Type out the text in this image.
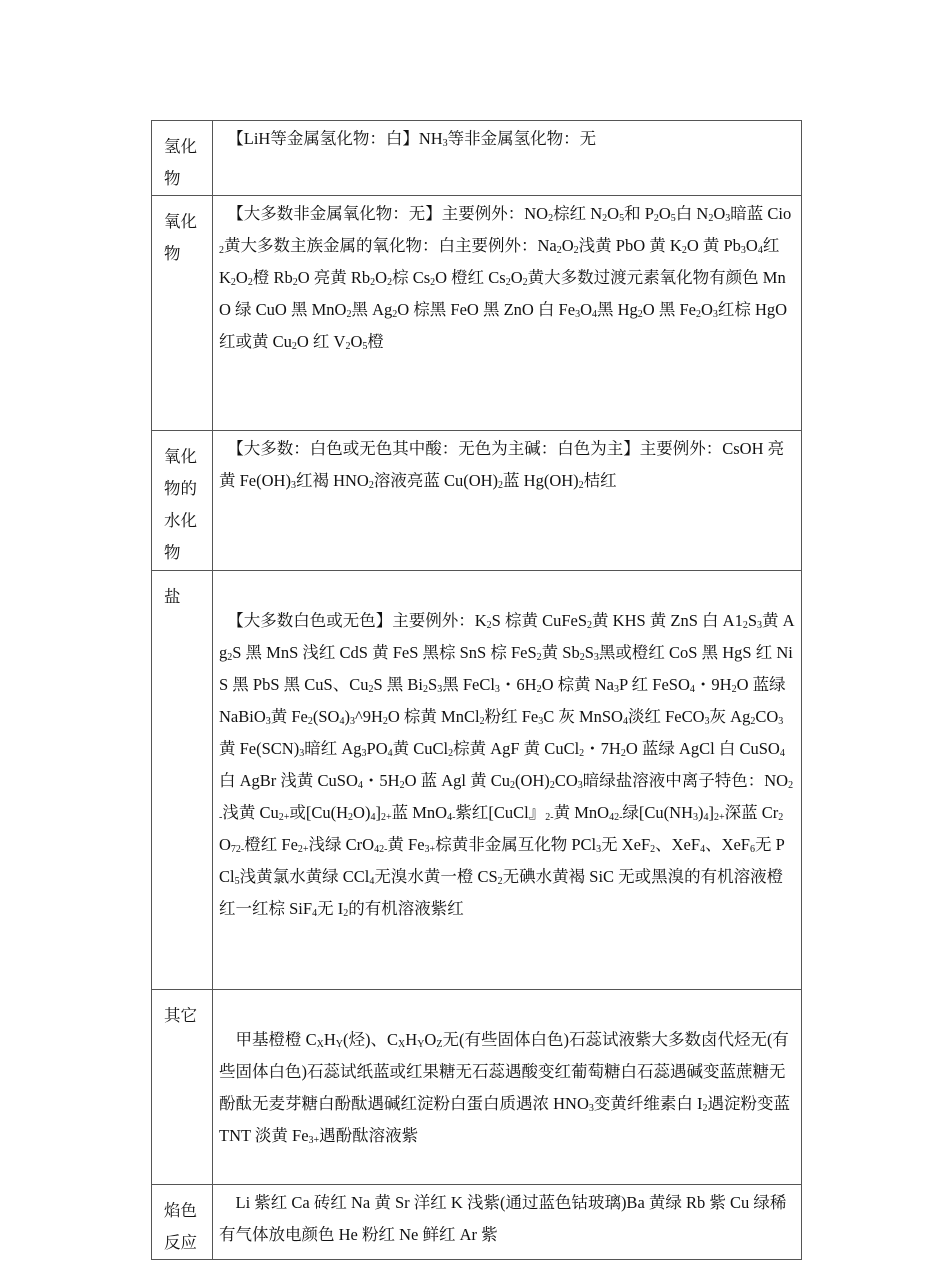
氢化物	　【LiH等金属氢化物：白】$NH_3$等非金属氢化物：无
氧化物	　【大多数非金属氧化物：无】主要例外：$NO_2$棕红 $N_2O_5$和 $P_2O_5$白 $N_2O_3$暗蓝 Cio$_2$黄大多数主族金属的氧化物：白主要例外：$Na_2O_2$浅黄 PbO 黄 $K_2O$ 黄 $Pb_3O_4$红 $K_2O_2$橙 $Rb_2O$ 亮黄 $Rb_2O_2$棕 $Cs_2O$ 橙红 $Cs_2O_2$黄大多数过渡元素氧化物有颜色 MnO 绿 CuO 黑 MnO$_2$黑 $Ag_2O$ 棕黑 FeO 黑 ZnO 白 $Fe_3O_4$黑 $Hg_2O$ 黑 $Fe_2O_3$红棕 HgO 红或黄 $Cu_2O$ 红 $V_2O_5$橙
氧化物的水化物	　【大多数：白色或无色其中酸：无色为主碱：白色为主】主要例外：CsOH 亮黄 $Fe(OH)_3$红褐 $HNO_2$溶液亮蓝 $Cu(OH)_2$蓝 $Hg(OH)_2$桔红
盐	　【大多数白色或无色】主要例外：$K_2S$ 棕黄 CuFeS$_2$黄 KHS 黄 ZnS 白 $A1_2S_3$黄 $Ag_2S$ 黑 MnS 浅红 CdS 黄 FeS 黑棕 SnS 棕 FeS$_2$黄 $Sb_2S_3$黑或橙红 CoS 黑 HgS 红 NiS 黑 PbS 黑 CuS、$Cu_2S$ 黑 $Bi_2S_3$黑 FeCl$_3$・$6H_2O$ 棕黄 $Na_3P$ 红 FeSO$_4$・$9H_2O$ 蓝绿 NaBiO$_3$黄 $Fe_2(SO_4)_3\^{}9H_2O$ 棕黄 MnCl$_2$粉红 $Fe_3C$ 灰 MnSO$_4$淡红 FeCO$_3$灰 $Ag_2CO_3$黄 $Fe(SCN)_3$暗红 $Ag_3PO_4$黄 CuCl$_2$棕黄 AgF 黄 CuCl$_2$・$7H_2O$ 蓝绿 AgCl 白 CuSO$_4$白 AgBr 浅黄 CuSO$_4$・$5H_2O$ 蓝 Agl 黄 $Cu_2(OH)_2CO_3$暗绿盐溶液中离子特色：$NO_{2-}$浅黄 $Cu_{2+}$或$[Cu(H_2O)_4]_{2+}$蓝 MnO$_{4-}$紫红[CuCl』$_{2-}$黄 MnO$_{42-}$绿$[Cu(NH_3)_4]_{2+}$深蓝 $Cr_2O_{72-}$橙红 $Fe_{2+}$浅绿 CrO$_{42-}$黄 $Fe_{3+}$棕黄非金属互化物 PCl$_3$无 XeF$_2$、XeF$_4$、XeF$_6$无 PCl$_5$浅黄氯水黄绿 CCl$_4$无溴水黄一橙 $CS_2$无碘水黄褐 SiC 无或黑溴的有机溶液橙红一红棕 SiF$_4$无 $I_2$的有机溶液紫红
其它	　甲基橙橙 $C_XH_Y$(烃)、$C_XH_YO_Z$无(有些固体白色)石蕊试液紫大多数卤代烃无(有些固体白色)石蕊试纸蓝或红果糖无石蕊遇酸变红葡萄糖白石蕊遇碱变蓝蔗糖无酚酞无麦芽糖白酚酞遇碱红淀粉白蛋白质遇浓 $HNO_3$变黄纤维素白 $I_2$遇淀粉变蓝 TNT 淡黄 $Fe_{3+}$遇酚酞溶液紫
焰色反应	　Li 紫红 Ca 砖红 Na 黄 Sr 洋红 K 浅紫(通过蓝色钴玻璃)Ba 黄绿 Rb 紫 Cu 绿稀有气体放电颜色 He 粉红 Ne 鲜红 Ar 紫
